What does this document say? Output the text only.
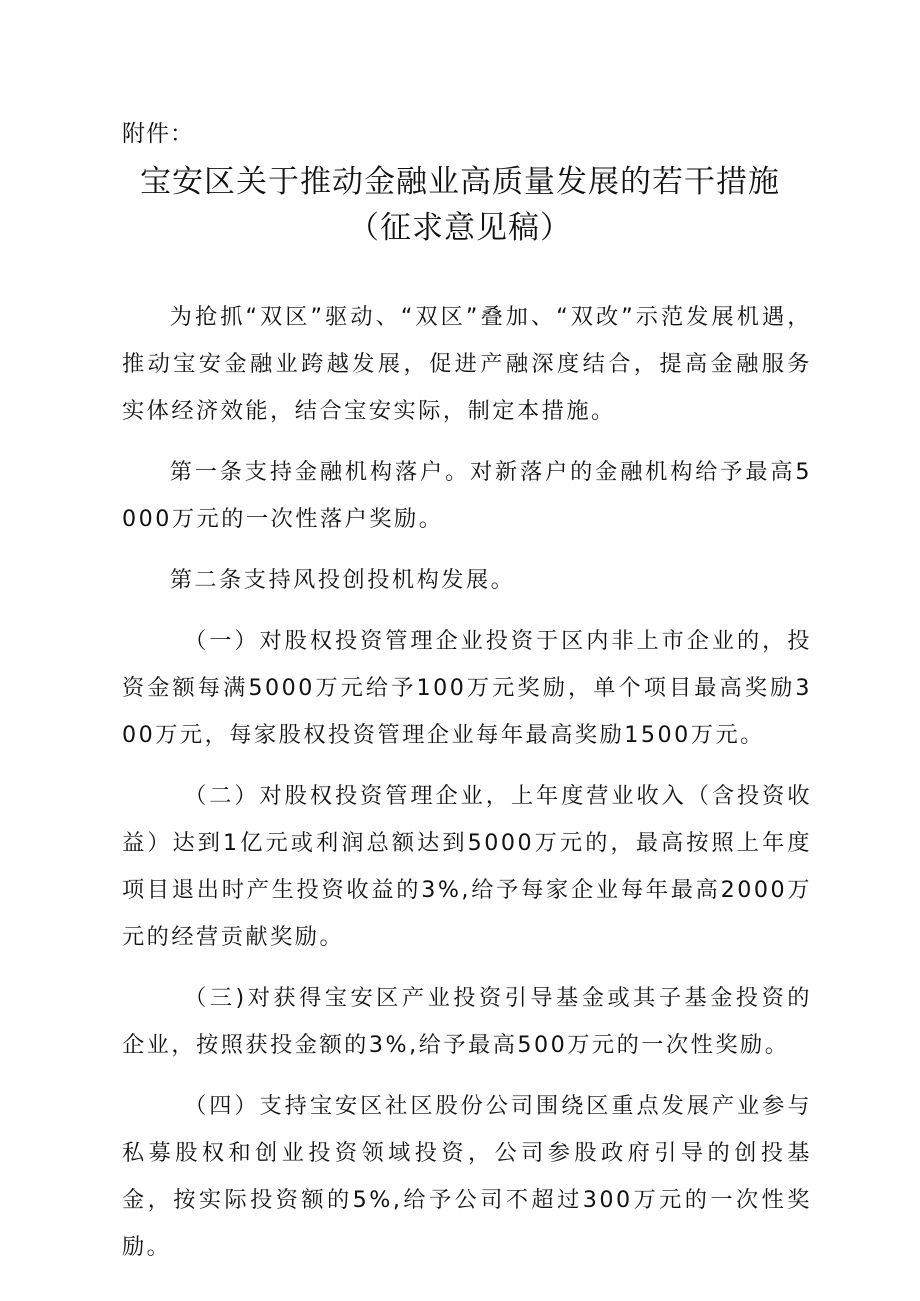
附件：
宝安区关于推动金融业高质量发展的若干措施
（征求意见稿）

为抢抓“双区”驱动、“双区”叠加、“双改”示范发展机遇，推动宝安金融业跨越发展，促进产融深度结合，提高金融服务实体经济效能，结合宝安实际，制定本措施。

第一条支持金融机构落户。对新落户的金融机构给予最高5000万元的一次性落户奖励。

第二条支持风投创投机构发展。

（一）对股权投资管理企业投资于区内非上市企业的，投资金额每满5000万元给予100万元奖励，单个项目最高奖励300万元，每家股权投资管理企业每年最高奖励1500万元。

（二）对股权投资管理企业，上年度营业收入（含投资收益）达到1亿元或利润总额达到5000万元的，最高按照上年度项目退出时产生投资收益的3%,给予每家企业每年最高2000万元的经营贡献奖励。

（三)对获得宝安区产业投资引导基金或其子基金投资的企业，按照获投金额的3%,给予最高500万元的一次性奖励。

（四）支持宝安区社区股份公司围绕区重点发展产业参与私募股权和创业投资领域投资，公司参股政府引导的创投基金，按实际投资额的5%,给予公司不超过300万元的一次性奖励。
